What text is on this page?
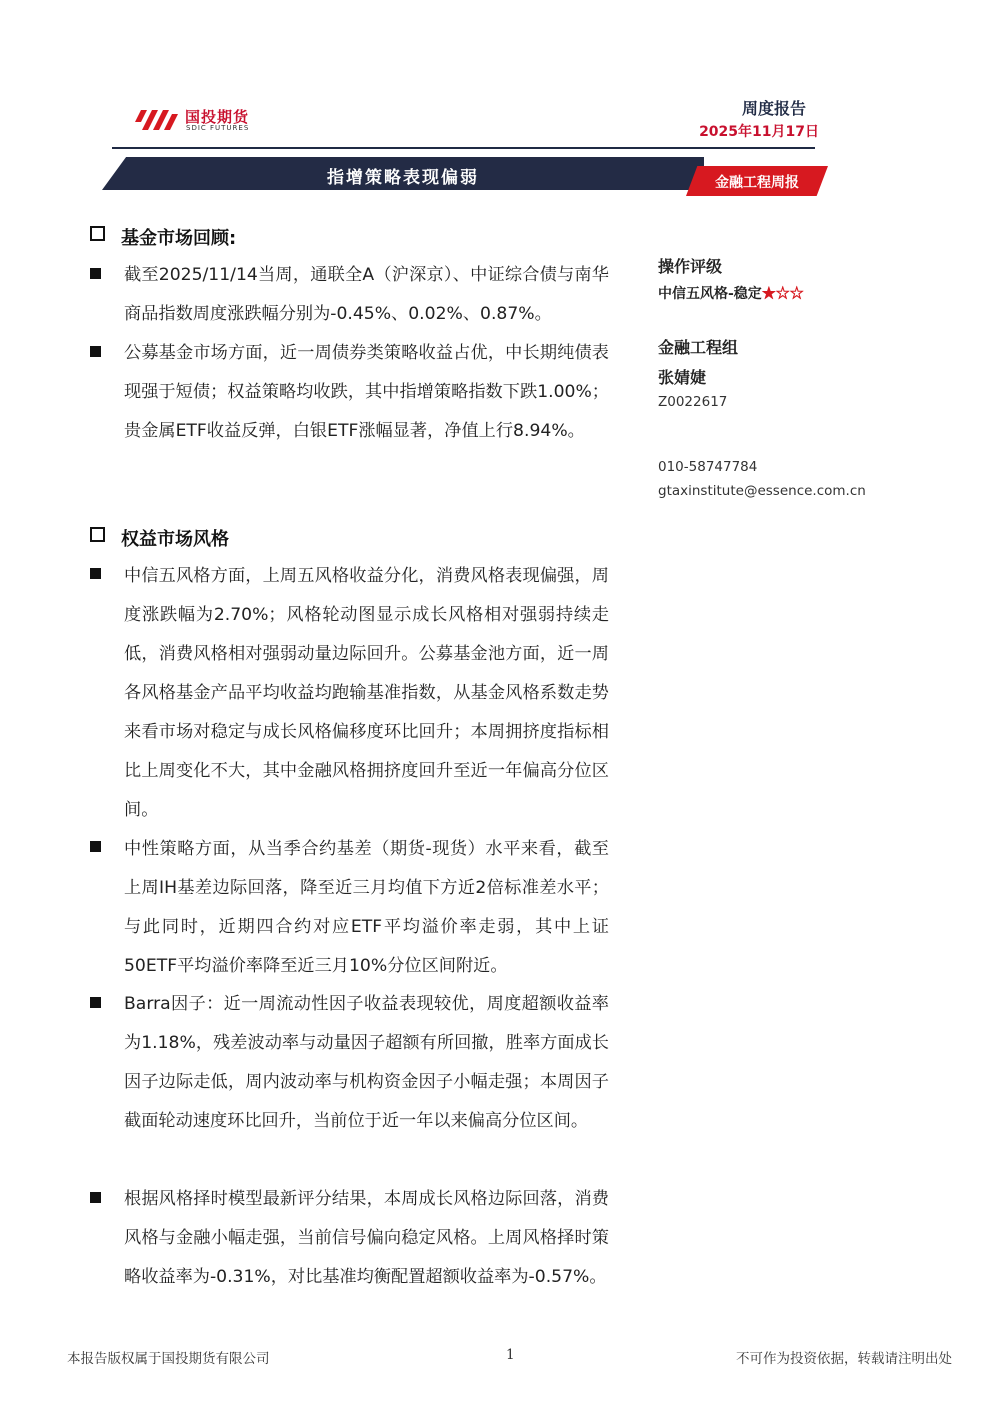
国投期货
SDIC FUTURES
周度报告
2025年11月17日
指增策略表现偏弱	金融工程周报
基金市场回顾:
截至2025/11/14当周，通联全A（沪深京）、中证综合债与南华商品指数周度涨跌幅分别为-0.45%、0.02%、0.87%。
公募基金市场方面，近一周债券类策略收益占优，中长期纯债表现强于短债；权益策略均收跌，其中指增策略指数下跌1.00%；贵金属ETF收益反弹，白银ETF涨幅显著，净值上行8.94%。
权益市场风格
中信五风格方面，上周五风格收益分化，消费风格表现偏强，周度涨跌幅为2.70%；风格轮动图显示成长风格相对强弱持续走低，消费风格相对强弱动量边际回升。公募基金池方面，近一周各风格基金产品平均收益均跑输基准指数，从基金风格系数走势来看市场对稳定与成长风格偏移度环比回升；本周拥挤度指标相比上周变化不大，其中金融风格拥挤度回升至近一年偏高分位区间。
中性策略方面，从当季合约基差（期货-现货）水平来看，截至上周IH基差边际回落，降至近三月均值下方近2倍标准差水平；与此同时，近期四合约对应ETF平均溢价率走弱，其中上证50ETF平均溢价率降至近三月10%分位区间附近。
Barra因子：近一周流动性因子收益表现较优，周度超额收益率为1.18%，残差波动率与动量因子超额有所回撤，胜率方面成长因子边际走低，周内波动率与机构资金因子小幅走强；本周因子截面轮动速度环比回升，当前位于近一年以来偏高分位区间。
根据风格择时模型最新评分结果，本周成长风格边际回落，消费风格与金融小幅走强，当前信号偏向稳定风格。上周风格择时策略收益率为-0.31%，对比基准均衡配置超额收益率为-0.57%。
操作评级
中信五风格-稳定★☆☆
金融工程组
张婧婕
Z0022617
010-58747784
gtaxinstitute@essence.com.cn
本报告版权属于国投期货有限公司	1	不可作为投资依据，转载请注明出处
